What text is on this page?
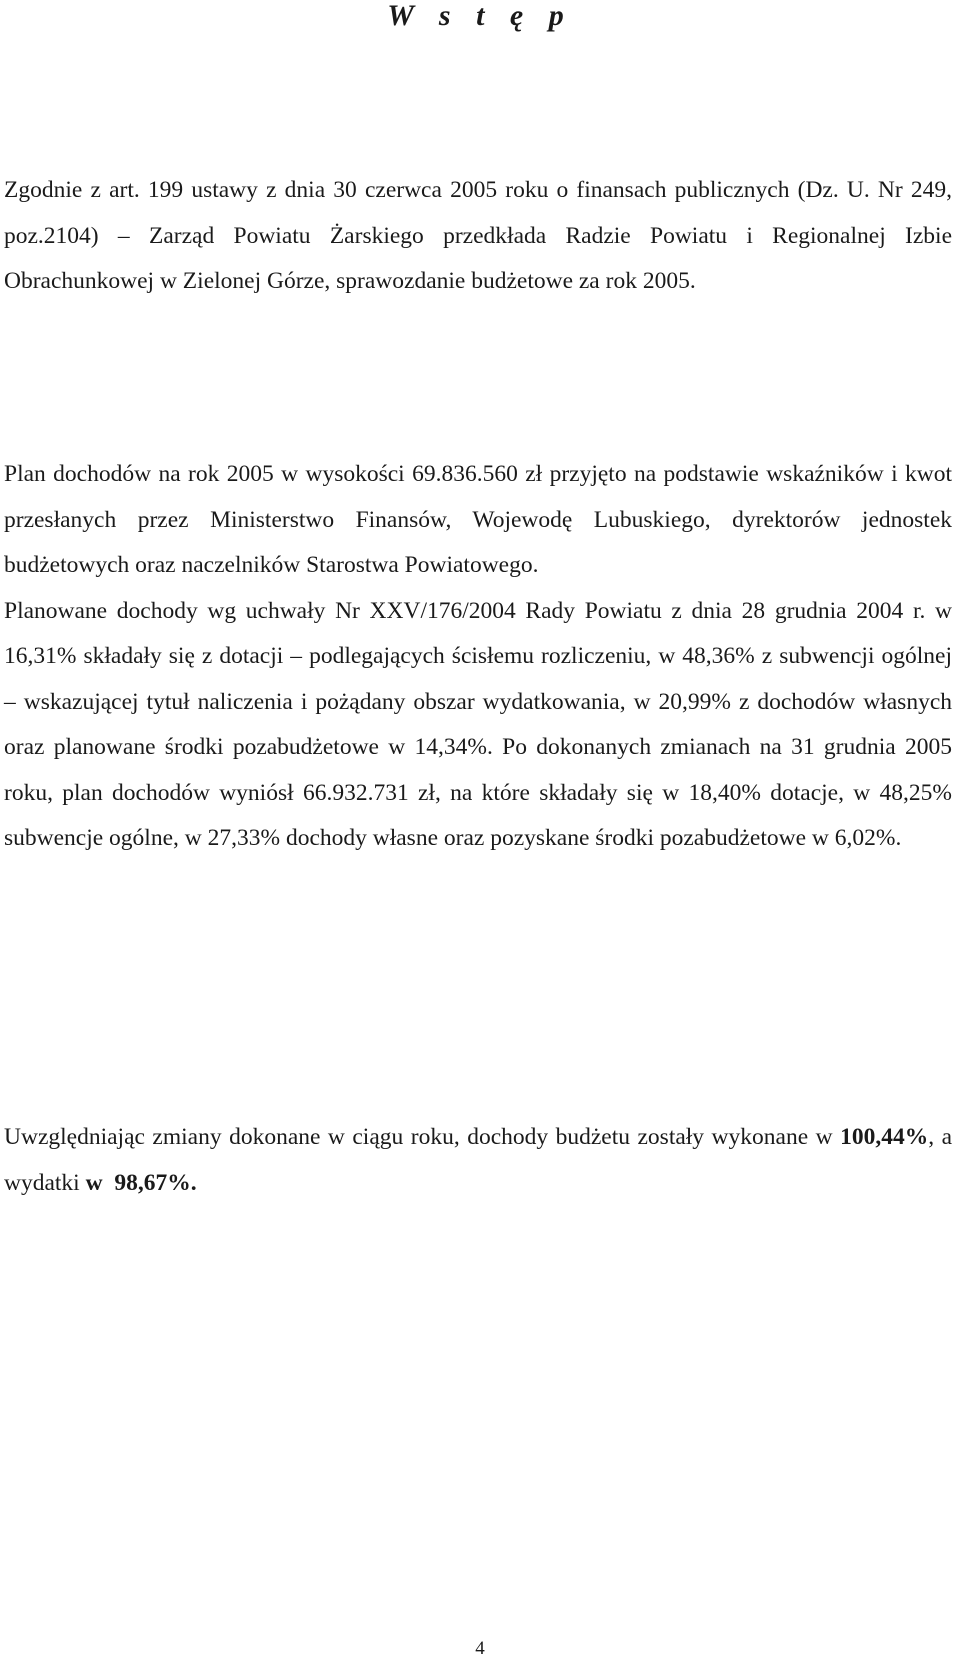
W s t ę p

Zgodnie z art. 199 ustawy z dnia 30 czerwca 2005 roku o finansach publicznych (Dz. U. Nr 249, poz.2104) – Zarząd Powiatu Żarskiego przedkłada Radzie Powiatu i Regionalnej Izbie Obrachunkowej w Zielonej Górze, sprawozdanie budżetowe za rok 2005.

Plan dochodów na rok 2005 w wysokości 69.836.560 zł przyjęto na podstawie wskaźników i kwot przesłanych przez Ministerstwo Finansów, Wojewodę Lubuskiego, dyrektorów jednostek budżetowych oraz naczelników Starostwa Powiatowego.
Planowane dochody wg uchwały Nr XXV/176/2004 Rady Powiatu z dnia 28 grudnia 2004 r. w 16,31% składały się z dotacji – podlegających ścisłemu rozliczeniu, w 48,36% z subwencji ogólnej – wskazującej tytuł naliczenia i pożądany obszar wydatkowania, w 20,99% z dochodów własnych oraz planowane środki pozabudżetowe w 14,34%. Po dokonanych zmianach na 31 grudnia 2005 roku, plan dochodów wyniósł 66.932.731 zł, na które składały się w 18,40% dotacje, w 48,25% subwencje ogólne, w 27,33% dochody własne oraz pozyskane środki pozabudżetowe w 6,02%.

Uwzględniając zmiany dokonane w ciągu roku, dochody budżetu zostały wykonane w 100,44%, a wydatki w 98,67%.

4
